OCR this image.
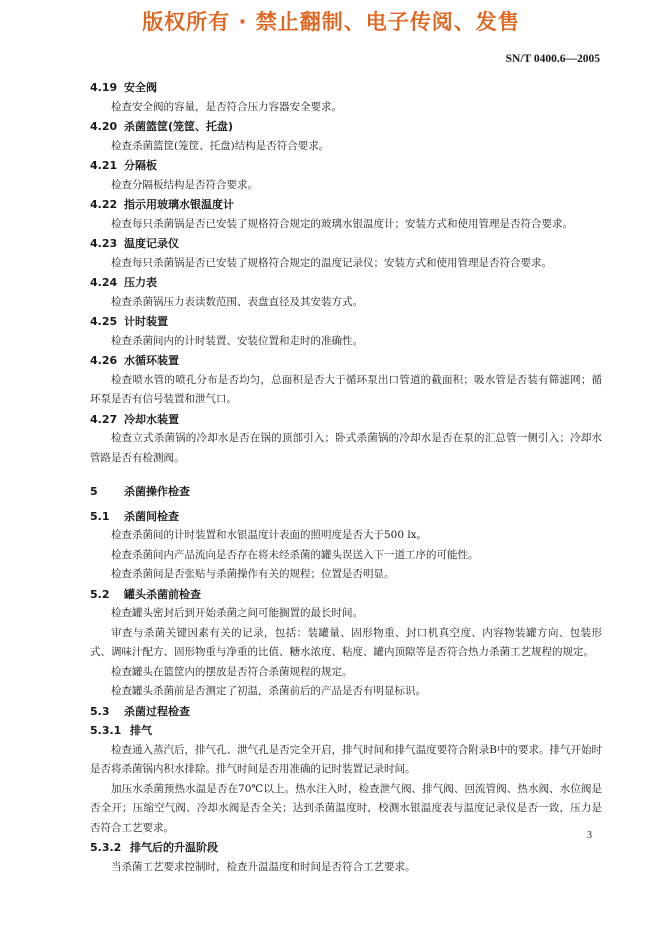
版权所有 · 禁止翻制、电子传阅、发售
SN/T 0400.6—2005
4.19 安全阀
检查安全阀的容量，是否符合压力容器安全要求。
4.20 杀菌篮筐(笼筐、托盘)
检查杀菌篮筐(笼筐、托盘)结构是否符合要求。
4.21 分隔板
检查分隔板结构是否符合要求。
4.22 指示用玻璃水银温度计
检查每只杀菌锅是否已安装了规格符合规定的玻璃水银温度计；安装方式和使用管理是否符合要求。
4.23 温度记录仪
检查每只杀菌锅是否已安装了规格符合规定的温度记录仪；安装方式和使用管理是否符合要求。
4.24 压力表
检查杀菌锅压力表读数范围、表盘直径及其安装方式。
4.25 计时装置
检查杀菌间内的计时装置、安装位置和走时的准确性。
4.26 水循环装置
检查喷水管的喷孔分布是否均匀，总面积是否大于循环泵出口管道的截面积；吸水管是否装有筛滤网；循环泵是否有信号装置和泄气口。
4.27 冷却水装置
检查立式杀菌锅的冷却水是否在锅的顶部引入；卧式杀菌锅的冷却水是否在泵的汇总管一侧引入；冷却水管路是否有检测阀。
5 杀菌操作检查
5.1 杀菌间检查
检查杀菌间的计时装置和水银温度计表面的照明度是否大于500 lx。
检查杀菌间内产品流向是否存在将未经杀菌的罐头误送入下一道工序的可能性。
检查杀菌间是否张贴与杀菌操作有关的规程；位置是否明显。
5.2 罐头杀菌前检查
检查罐头密封后到开始杀菌之间可能搁置的最长时间。
审查与杀菌关键因素有关的记录，包括：装罐量、固形物重、封口机真空度、内容物装罐方向、包装形式、调味汁配方、固形物重与净重的比值、糖水浓度、粘度、罐内顶隙等是否符合热力杀菌工艺规程的规定。
检查罐头在篮筐内的摆放是否符合杀菌规程的规定。
检查罐头杀菌前是否测定了初温，杀菌前后的产品是否有明显标识。
5.3 杀菌过程检查
5.3.1 排气
检查通入蒸汽后，排气孔、泄气孔是否完全开启，排气时间和排气温度要符合附录B中的要求。排气开始时是否将杀菌锅内积水排除。排气时间是否用准确的记时装置记录时间。
加压水杀菌预热水温是否在70℃以上。热水注入时，检查泄气阀、排气阀、回流管阀、热水阀、水位阀是否全开；压缩空气阀、冷却水阀是否全关；达到杀菌温度时，校测水银温度表与温度记录仪是否一致，压力是否符合工艺要求。
5.3.2 排气后的升温阶段
当杀菌工艺要求控制时，检查升温温度和时间是否符合工艺要求。
3
